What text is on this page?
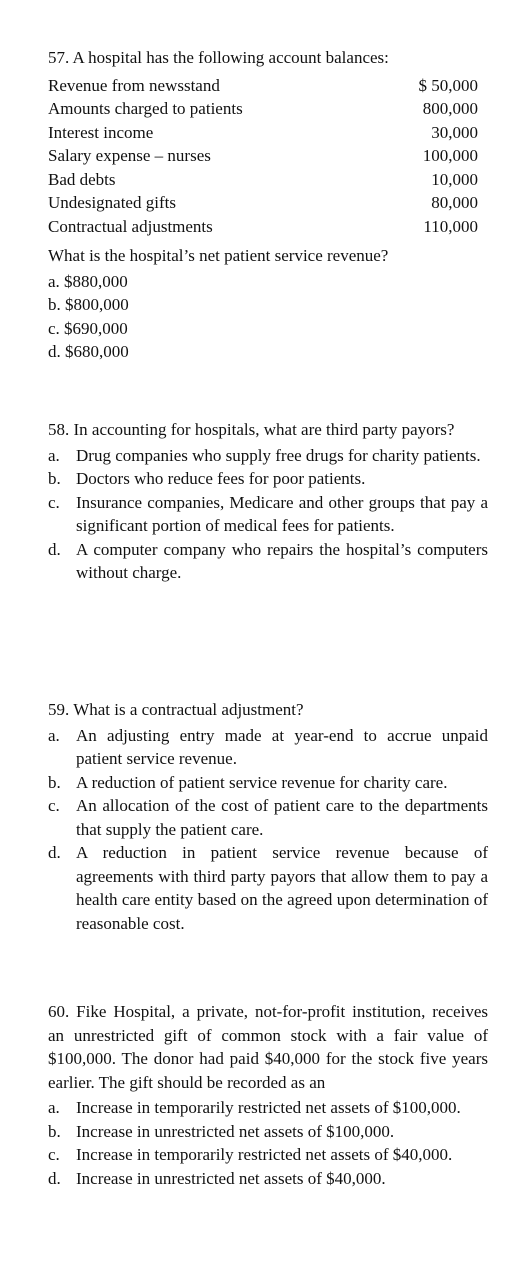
57. A hospital has the following account balances:
Revenue from newsstand	$ 50,000
Amounts charged to patients	800,000
Interest income	30,000
Salary expense – nurses	100,000
Bad debts	10,000
Undesignated gifts	80,000
Contractual adjustments	110,000
What is the hospital’s net patient service revenue?
a. $880,000
b. $800,000
c. $690,000
d. $680,000
58. In accounting for hospitals, what are third party payors?
a. Drug companies who supply free drugs for charity patients.
b. Doctors who reduce fees for poor patients.
c. Insurance companies, Medicare and other groups that pay a significant portion of medical fees for patients.
d. A computer company who repairs the hospital’s computers without charge.
59. What is a contractual adjustment?
a. An adjusting entry made at year-end to accrue unpaid patient service revenue.
b. A reduction of patient service revenue for charity care.
c. An allocation of the cost of patient care to the departments that supply the patient care.
d. A reduction in patient service revenue because of agreements with third party payors that allow them to pay a health care entity based on the agreed upon determination of reasonable cost.
60. Fike Hospital, a private, not-for-profit institution, receives an unrestricted gift of common stock with a fair value of $100,000. The donor had paid $40,000 for the stock five years earlier. The gift should be recorded as an
a. Increase in temporarily restricted net assets of $100,000.
b. Increase in unrestricted net assets of $100,000.
c. Increase in temporarily restricted net assets of $40,000.
d. Increase in unrestricted net assets of $40,000.
